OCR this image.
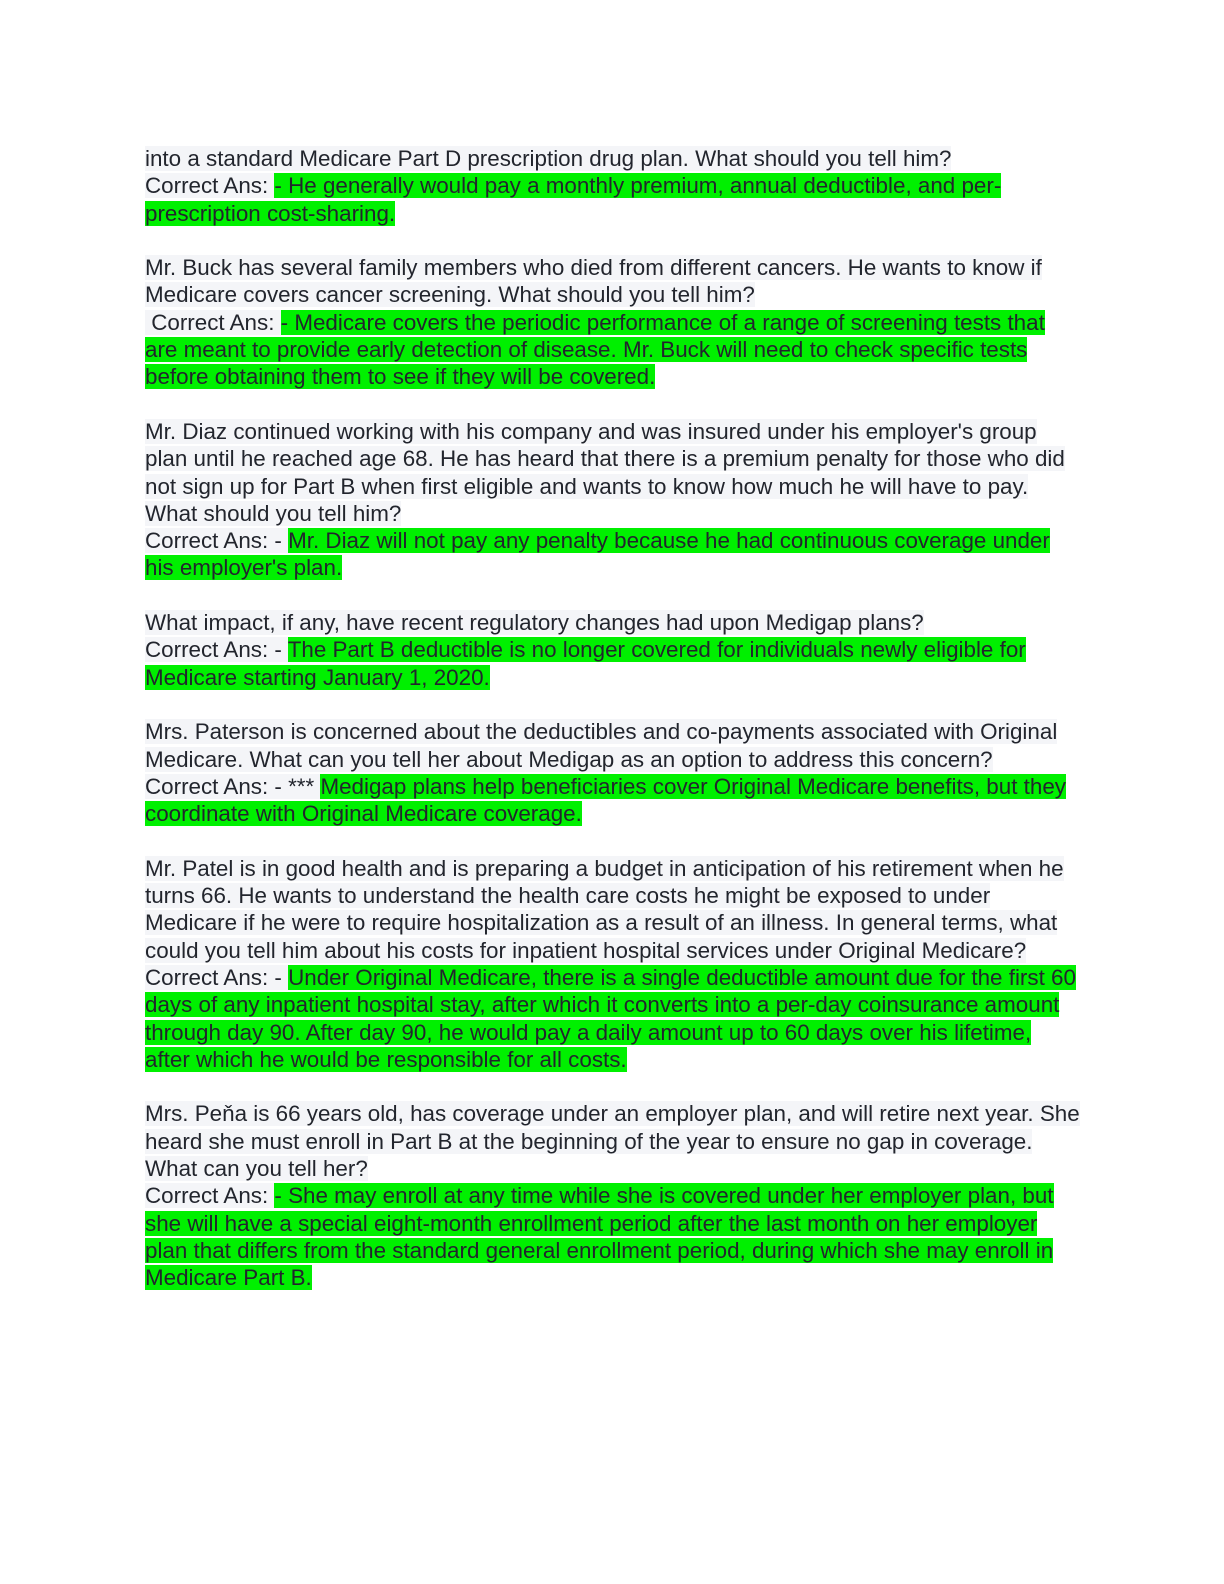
into a standard Medicare Part D prescription drug plan. What should you tell him?
Correct Ans: - He generally would pay a monthly premium, annual deductible, and per-prescription cost-sharing.
Mr. Buck has several family members who died from different cancers. He wants to know if Medicare covers cancer screening. What should you tell him?
Correct Ans: - Medicare covers the periodic performance of a range of screening tests that are meant to provide early detection of disease. Mr. Buck will need to check specific tests before obtaining them to see if they will be covered.
Mr. Diaz continued working with his company and was insured under his employer's group plan until he reached age 68. He has heard that there is a premium penalty for those who did not sign up for Part B when first eligible and wants to know how much he will have to pay. What should you tell him?
Correct Ans: - Mr. Diaz will not pay any penalty because he had continuous coverage under his employer's plan.
What impact, if any, have recent regulatory changes had upon Medigap plans?
Correct Ans: - The Part B deductible is no longer covered for individuals newly eligible for Medicare starting January 1, 2020.
Mrs. Paterson is concerned about the deductibles and co-payments associated with Original Medicare. What can you tell her about Medigap as an option to address this concern?
Correct Ans: - *** Medigap plans help beneficiaries cover Original Medicare benefits, but they coordinate with Original Medicare coverage.
Mr. Patel is in good health and is preparing a budget in anticipation of his retirement when he turns 66. He wants to understand the health care costs he might be exposed to under Medicare if he were to require hospitalization as a result of an illness. In general terms, what could you tell him about his costs for inpatient hospital services under Original Medicare?
Correct Ans: - Under Original Medicare, there is a single deductible amount due for the first 60 days of any inpatient hospital stay, after which it converts into a per-day coinsurance amount through day 90. After day 90, he would pay a daily amount up to 60 days over his lifetime, after which he would be responsible for all costs.
Mrs. Peňa is 66 years old, has coverage under an employer plan, and will retire next year. She heard she must enroll in Part B at the beginning of the year to ensure no gap in coverage. What can you tell her?
Correct Ans: - She may enroll at any time while she is covered under her employer plan, but she will have a special eight-month enrollment period after the last month on her employer plan that differs from the standard general enrollment period, during which she may enroll in Medicare Part B.
